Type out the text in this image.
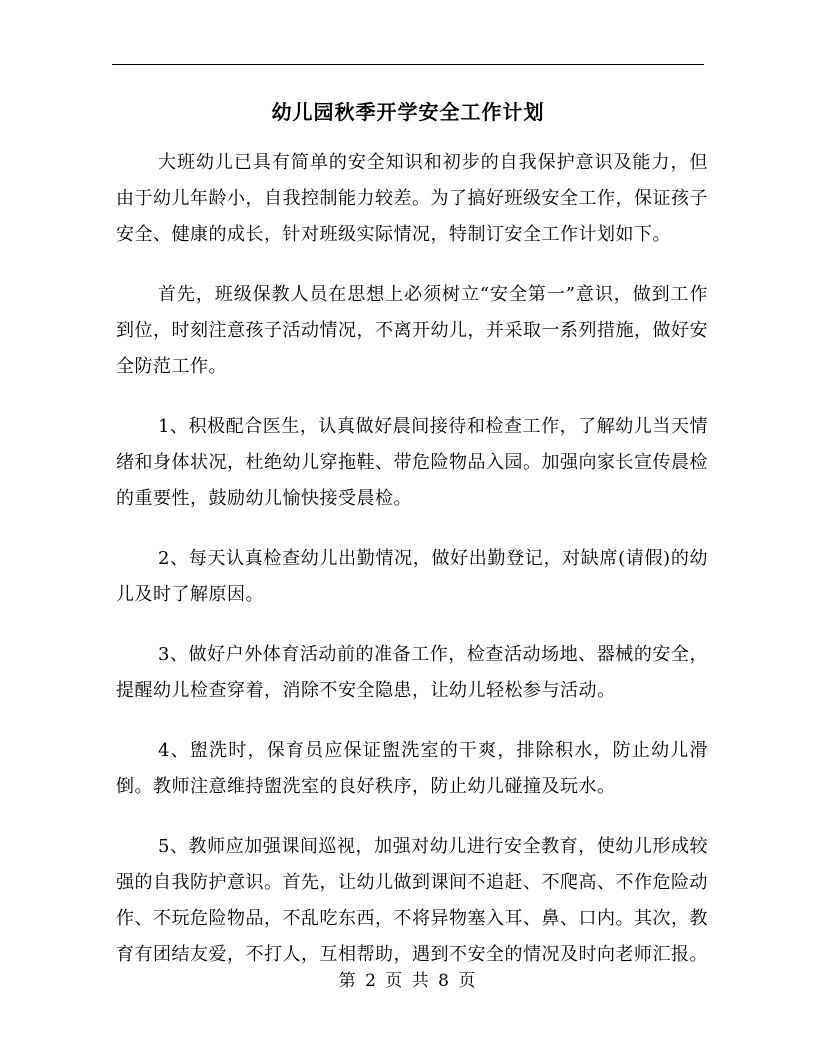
幼儿园秋季开学安全工作计划

大班幼儿已具有简单的安全知识和初步的自我保护意识及能力，但由于幼儿年龄小，自我控制能力较差。为了搞好班级安全工作，保证孩子安全、健康的成长，针对班级实际情况，特制订安全工作计划如下。

首先，班级保教人员在思想上必须树立“安全第一”意识，做到工作到位，时刻注意孩子活动情况，不离开幼儿，并采取一系列措施，做好安全防范工作。

1、积极配合医生，认真做好晨间接待和检查工作，了解幼儿当天情绪和身体状况，杜绝幼儿穿拖鞋、带危险物品入园。加强向家长宣传晨检的重要性，鼓励幼儿愉快接受晨检。

2、每天认真检查幼儿出勤情况，做好出勤登记，对缺席(请假)的幼儿及时了解原因。

3、做好户外体育活动前的准备工作，检查活动场地、器械的安全，提醒幼儿检查穿着，消除不安全隐患，让幼儿轻松参与活动。

4、盥洗时，保育员应保证盥洗室的干爽，排除积水，防止幼儿滑倒。教师注意维持盥洗室的良好秩序，防止幼儿碰撞及玩水。

5、教师应加强课间巡视，加强对幼儿进行安全教育，使幼儿形成较强的自我防护意识。首先，让幼儿做到课间不追赶、不爬高、不作危险动作、不玩危险物品，不乱吃东西，不将异物塞入耳、鼻、口内。其次，教育有团结友爱，不打人，互相帮助，遇到不安全的情况及时向老师汇报。

第 2 页 共 8 页
